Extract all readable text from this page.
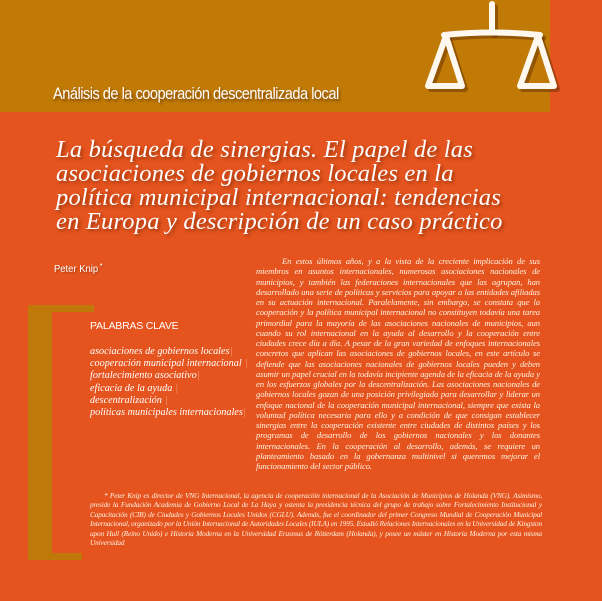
Análisis de la cooperación descentralizada local
La búsqueda de sinergias. El papel de las asociaciones de gobiernos locales en la política municipal internacional: tendencias en Europa y descripción de un caso práctico
Peter Knip *
PALABRAS CLAVE
asociaciones de gobiernos locales|
cooperación municipal internacional |
fortalecimiento asociativo|
eficacia de la ayuda |
descentralización |
políticas municipales internacionales|

En estos últimos años, y a la vista de la creciente implicación de sus miembros en asuntos internacionales, numerosas asociaciones nacionales de municipios, y también las federaciones internacionales que las agrupan, han desarrollado una serie de políticas y servicios para apoyar a las entidades afiliadas en su actuación internacional. Paralelamente, sin embargo, se constata que la cooperación y la política municipal internacional no constituyen todavía una tarea primordial para la mayoría de las asociaciones nacionales de municipios, aun cuando su rol internacional en la ayuda al desarrollo y la cooperación entre ciudades crece día a día. A pesar de la gran variedad de enfoques internacionales concretos que aplican las asociaciones de gobiernos locales, en este artículo se defiende que las asociaciones nacionales de gobiernos locales pueden y deben asumir un papel crucial en la todavía incipiente agenda de la eficacia de la ayuda y en los esfuerzos globales por la descentralización. Las asociaciones nacionales de gobiernos locales gozan de una posición privilegiada para desarrollar y liderar un enfoque nacional de la cooperación municipal internacional, siempre que exista la voluntad política necesaria para ello y a condición de que consigan establecer sinergias entre la cooperación existente entre ciudades de distintos países y los programas de desarrollo de los gobiernos nacionales y los donantes internacionales. En la cooperación al desarrollo, además, se requiere un planteamiento basado en la gobernanza multinivel si queremos mejorar el funcionamiento del sector público.

* Peter Knip es director de VNG Internacional, la agencia de cooperación internacional de la Asociación de Municipios de Holanda (VNG). Asimismo, preside la Fundación Academia de Gobierno Local de La Haya y ostenta la presidencia técnica del grupo de trabajo sobre Fortalecimiento Institucional y Capacitación (CIB) de Ciudades y Gobiernos Locales Unidos (CGLU). Además, fue el coordinador del primer Congreso Mundial de Cooperación Municipal Internacional, organizado por la Unión Internacional de Autoridades Locales (IULA) en 1995. Estudió Relaciones Internacionales en la Universidad de Kingston upon Hull (Reino Unido) e Historia Moderna en la Universidad Erasmus de Rótterdam (Holanda), y posee un máster en Historia Moderna por esta misma Universidad
